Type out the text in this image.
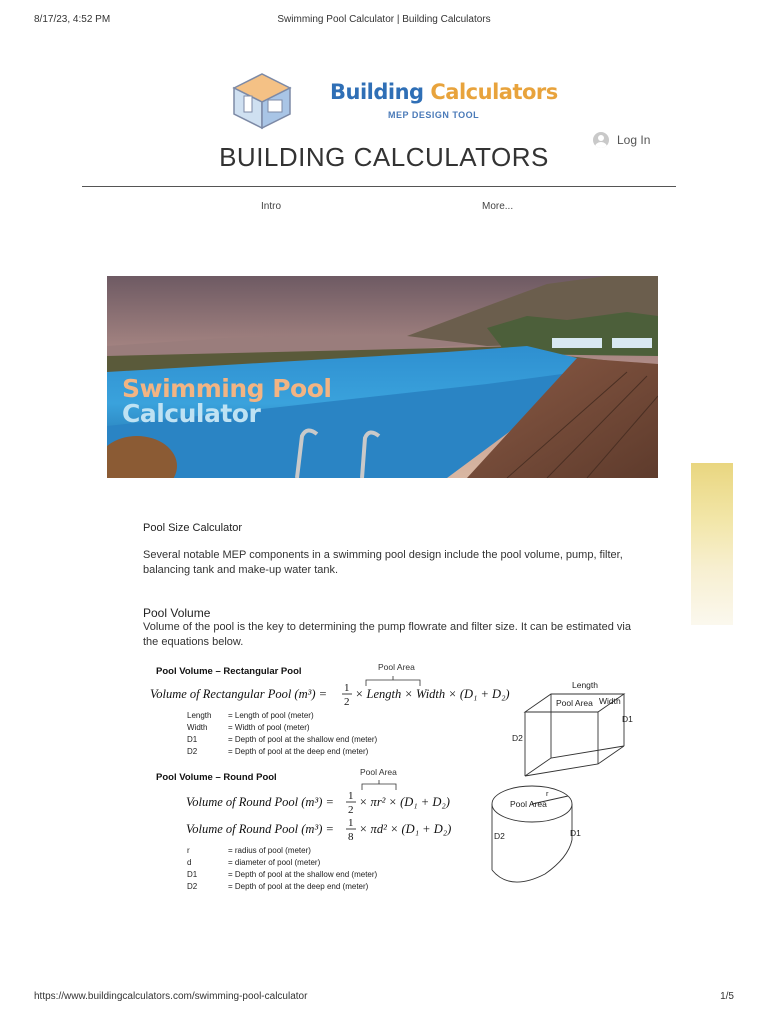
8/17/23, 4:52 PM	Swimming Pool Calculator | Building Calculators
Building Calculators
MEP DESIGN TOOL
BUILDING CALCULATORS
Log In
Intro	More...
Swimming Pool
Calculator
Pool Size Calculator
Several notable MEP components in a swimming pool design include the pool volume, pump, filter, balancing tank and make-up water tank.
Pool Volume
Volume of the pool is the key to determining the pump flowrate and filter size. It can be estimated via the equations below.
Pool Volume – Rectangular Pool	Pool Area
Volume of Rectangular Pool (m³) = 1
2
× Length × Width × (D₁ + D₂)
Length = Length of pool (meter)
Width	= Width of pool (meter)
D1	= Depth of pool at the shallow end (meter)
D2	= Depth of pool at the deep end (meter)
Length
Width
Pool Area
D1
D2
Pool Volume – Round Pool	Pool Area
Volume of Round Pool (m³) = 1
2
× πr² × (D₁ + D₂)
Volume of Round Pool (m³) = 1
8
× πd² × (D₁ + D₂)
r	= radius of pool (meter)
d	= diameter of pool (meter)
D1	= Depth of pool at the shallow end (meter)
D2	= Depth of pool at the deep end (meter)
r
Pool Area
D1
D2
https://www.buildingcalculators.com/swimming-pool-calculator	1/5
